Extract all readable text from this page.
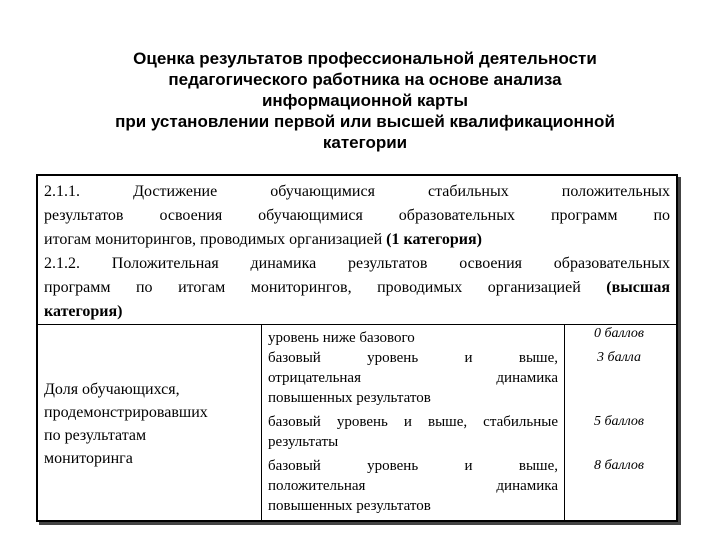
Оценка результатов профессиональной деятельности
педагогического работника на основе анализа
информационной карты
при установлении первой или высшей квалификационной
категории
2.1.1. Достижение обучающимися стабильных положительных
результатов освоения обучающимися образовательных программ по
итогам мониторингов, проводимых организацией (1 категория)
2.1.2. Положительная динамика результатов освоения образовательных
программ по итогам мониторингов, проводимых организацией (высшая
категория)
Доля обучающихся,
продемонстрировавших
по результатам
мониторинга
уровень ниже базового
базовый уровень и выше,
отрицательная динамика
повышенных результатов
базовый уровень и выше, стабильные
результаты
базовый уровень и выше,
положительная динамика
повышенных результатов
0 баллов
3 балла
5 баллов
8 баллов
